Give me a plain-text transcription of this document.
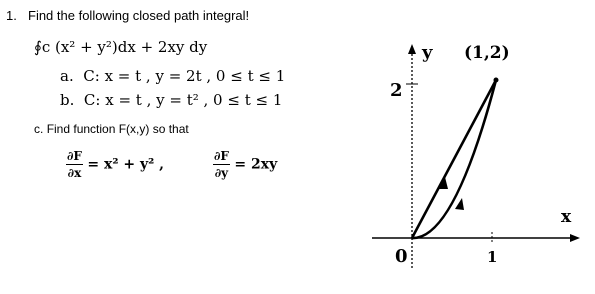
1. Find the following closed path integral!
∮c (x² + y²)dx + 2xy dy
a. C: x = t , y = 2t , 0 ≤ t ≤ 1
b. C: x = t , y = t² , 0 ≤ t ≤ 1
c. Find function F(x,y) so that
$\frac{\partial F}{\partial x} = x^2 + y^2$ ,	$\frac{\partial F}{\partial y} = 2xy$
y (1,2)
2
x
0	1
